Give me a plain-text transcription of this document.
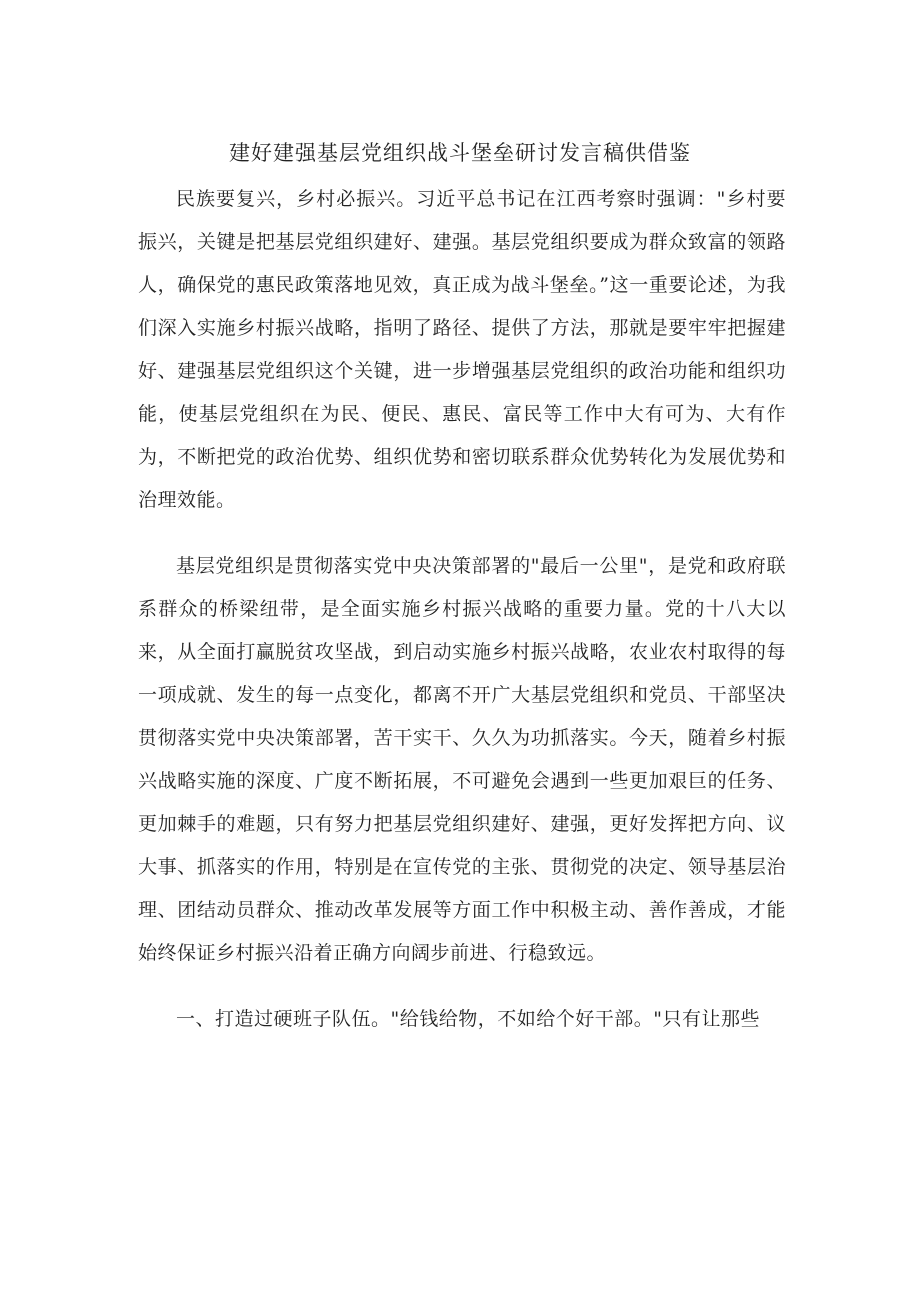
建好建强基层党组织战斗堡垒研讨发言稿供借鉴

民族要复兴，乡村必振兴。习近平总书记在江西考察时强调："乡村要振兴，关键是把基层党组织建好、建强。基层党组织要成为群众致富的领路人，确保党的惠民政策落地见效，真正成为战斗堡垒。”这一重要论述，为我们深入实施乡村振兴战略，指明了路径、提供了方法，那就是要牢牢把握建好、建强基层党组织这个关键，进一步增强基层党组织的政治功能和组织功能，使基层党组织在为民、便民、惠民、富民等工作中大有可为、大有作为，不断把党的政治优势、组织优势和密切联系群众优势转化为发展优势和治理效能。

基层党组织是贯彻落实党中央决策部署的"最后一公里"，是党和政府联系群众的桥梁纽带，是全面实施乡村振兴战略的重要力量。党的十八大以来，从全面打赢脱贫攻坚战，到启动实施乡村振兴战略，农业农村取得的每一项成就、发生的每一点变化，都离不开广大基层党组织和党员、干部坚决贯彻落实党中央决策部署，苦干实干、久久为功抓落实。今天，随着乡村振兴战略实施的深度、广度不断拓展，不可避免会遇到一些更加艰巨的任务、更加棘手的难题，只有努力把基层党组织建好、建强，更好发挥把方向、议大事、抓落实的作用，特别是在宣传党的主张、贯彻党的决定、领导基层治理、团结动员群众、推动改革发展等方面工作中积极主动、善作善成，才能始终保证乡村振兴沿着正确方向阔步前进、行稳致远。

一、打造过硬班子队伍。"给钱给物，不如给个好干部。"只有让那些
